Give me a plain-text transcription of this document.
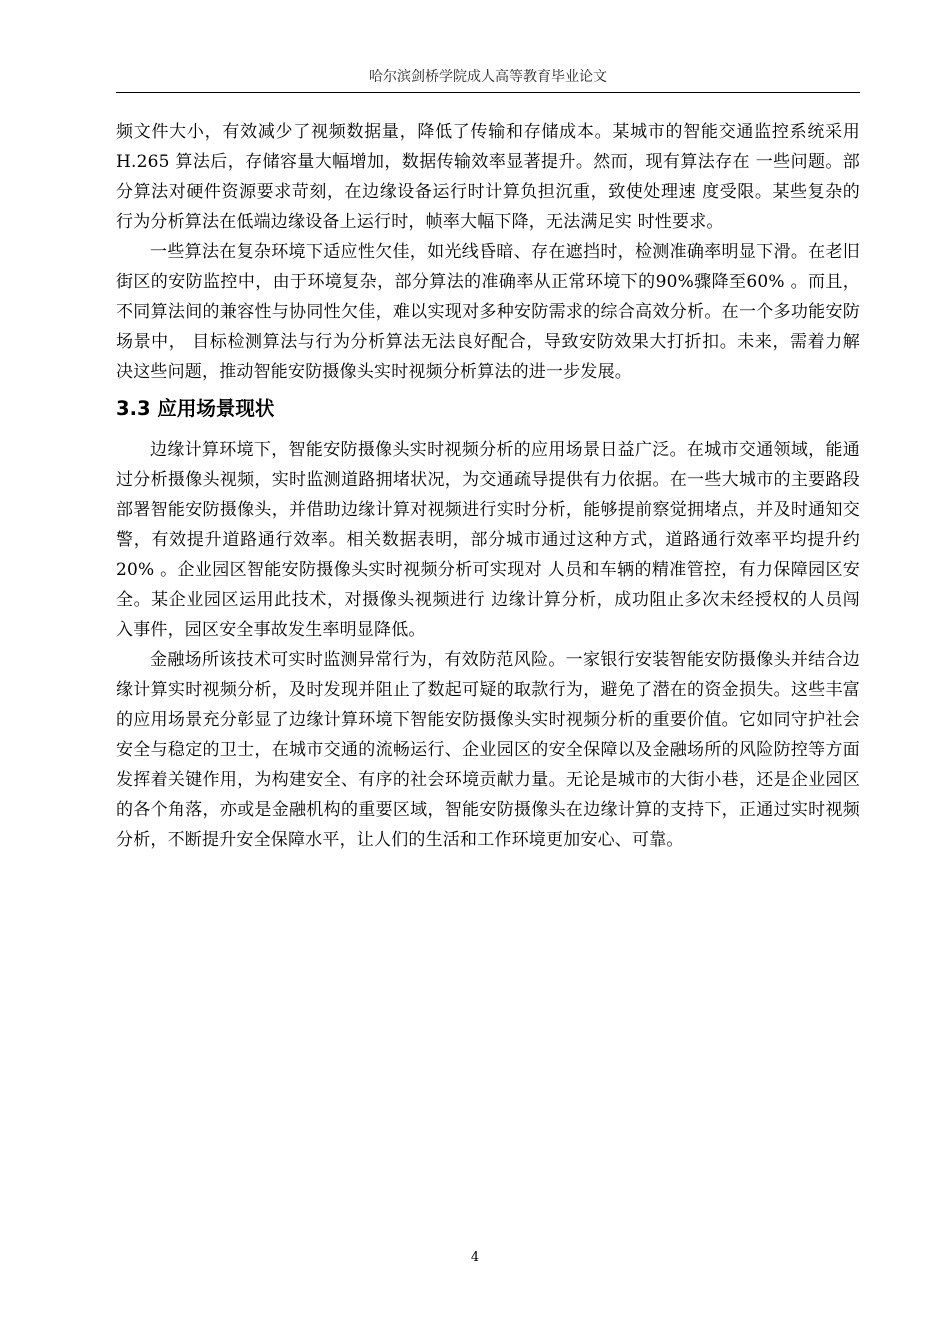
哈尔滨剑桥学院成人高等教育毕业论文

频文件大小，有效减少了视频数据量，降低了传输和存储成本。某城市的智能交通监控系统采用 H.265 算法后，存储容量大幅增加，数据传输效率显著提升。然而，现有算法存在 一些问题。部分算法对硬件资源要求苛刻，在边缘设备运行时计算负担沉重，致使处理速 度受限。某些复杂的行为分析算法在低端边缘设备上运行时，帧率大幅下降，无法满足实 时性要求。

一些算法在复杂环境下适应性欠佳，如光线昏暗、存在遮挡时，检测准确率明显下滑。在老旧街区的安防监控中，由于环境复杂，部分算法的准确率从正常环境下的90%骤降至60% 。而且，不同算法间的兼容性与协同性欠佳，难以实现对多种安防需求的综合高效分析。在一个多功能安防场景中， 目标检测算法与行为分析算法无法良好配合，导致安防效果大打折扣。未来，需着力解决这些问题，推动智能安防摄像头实时视频分析算法的进一步发展。

3.3 应用场景现状

边缘计算环境下，智能安防摄像头实时视频分析的应用场景日益广泛。在城市交通领域，能通过分析摄像头视频，实时监测道路拥堵状况，为交通疏导提供有力依据。在一些大城市的主要路段部署智能安防摄像头，并借助边缘计算对视频进行实时分析，能够提前察觉拥堵点，并及时通知交警，有效提升道路通行效率。相关数据表明，部分城市通过这种方式，道路通行效率平均提升约 20% 。企业园区智能安防摄像头实时视频分析可实现对 人员和车辆的精准管控，有力保障园区安全。某企业园区运用此技术，对摄像头视频进行 边缘计算分析，成功阻止多次未经授权的人员闯入事件，园区安全事故发生率明显降低。

金融场所该技术可实时监测异常行为，有效防范风险。一家银行安装智能安防摄像头并结合边缘计算实时视频分析，及时发现并阻止了数起可疑的取款行为，避免了潜在的资金损失。这些丰富的应用场景充分彰显了边缘计算环境下智能安防摄像头实时视频分析的重要价值。它如同守护社会安全与稳定的卫士，在城市交通的流畅运行、企业园区的安全保障以及金融场所的风险防控等方面发挥着关键作用，为构建安全、有序的社会环境贡献力量。无论是城市的大街小巷，还是企业园区的各个角落，亦或是金融机构的重要区域，智能安防摄像头在边缘计算的支持下，正通过实时视频分析，不断提升安全保障水平，让人们的生活和工作环境更加安心、可靠。

4
